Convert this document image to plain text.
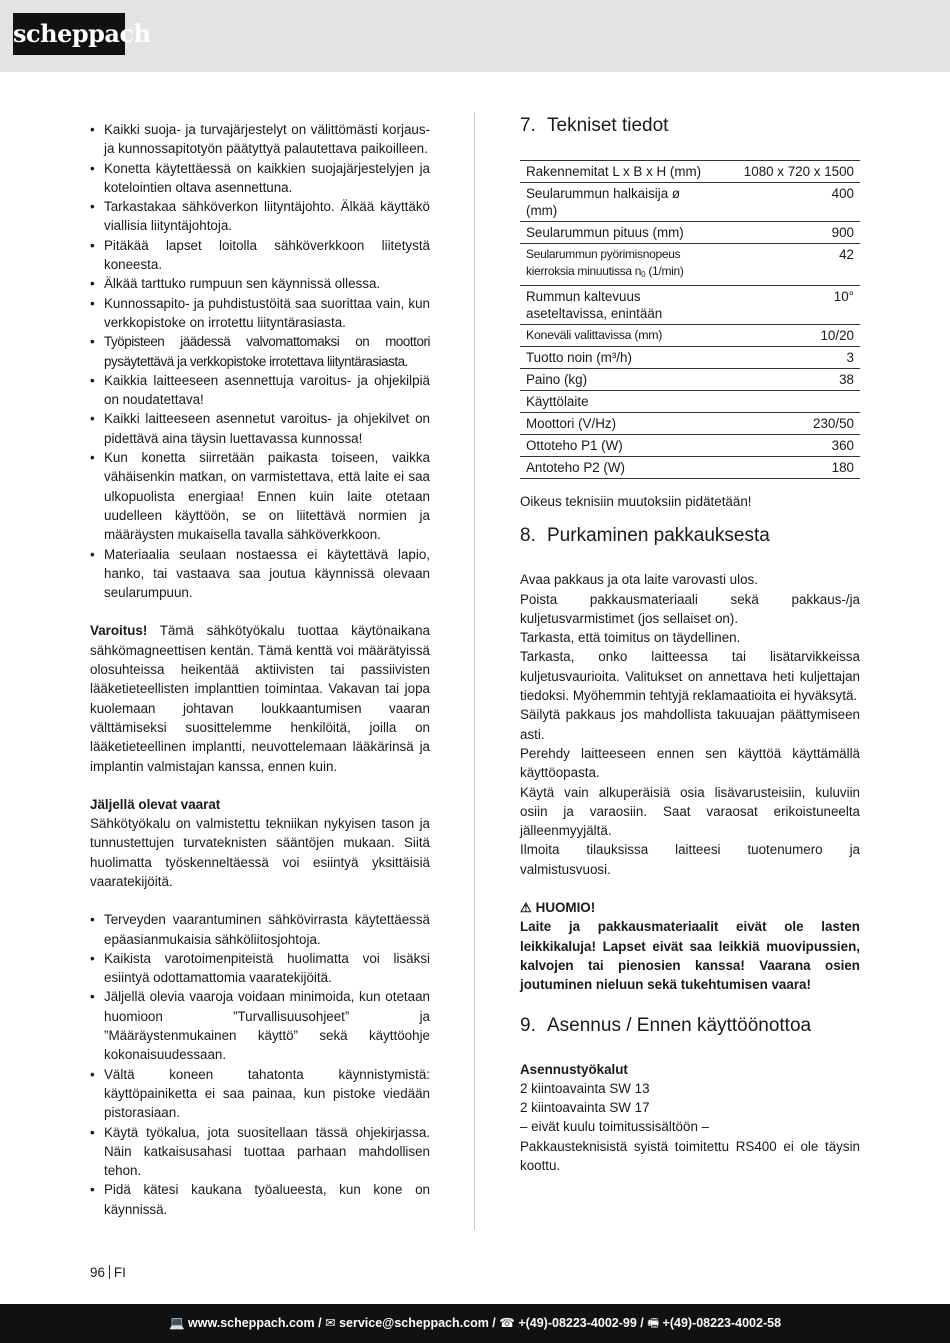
scheppach
• Kaikki suoja- ja turvajärjestelyt on välittömästi korjaus- ja kunnossapitotyön päätyttyä palautettava paikoilleen.
• Konetta käytettäessä on kaikkien suojajärjestelyjen ja kotelointien oltava asennettuna.
• Tarkastakaa sähköverkon liityntäjohto. Älkää käyttäkö viallisia liityntäjohtoja.
• Pitäkää lapset loitolla sähköverkkoon liitetystä koneesta.
• Älkää tarttuko rumpuun sen käynnissä ollessa.
• Kunnossapito- ja puhdistustöitä saa suorittaa vain, kun verkkopistoke on irrotettu liityntärasiasta.
• Työpisteen jäädessä valvomattomaksi on moottori pysäytettävä ja verkkopistoke irrotettava liityntärasiasta.
• Kaikkia laitteeseen asennettuja varoitus- ja ohjekilpiä on noudatettava!
• Kaikki laitteeseen asennetut varoitus- ja ohjekilvet on pidettävä aina täysin luettavassa kunnossa!
• Kun konetta siirretään paikasta toiseen, vaikka vähäisenkin matkan, on varmistettava, että laite ei saa ulkopuolista energiaa! Ennen kuin laite otetaan uudelleen käyttöön, se on liitettävä normien ja määräysten mukaisella tavalla sähköverkkoon.
• Materiaalia seulaan nostaessa ei käytettävä lapio, hanko, tai vastaava saa joutua käynnissä olevaan seularumpuun.

Varoitus! Tämä sähkötyökalu tuottaa käytönaikana sähkömagneettisen kentän. Tämä kenttä voi määrätyissä olosuhteissa heikentää aktiivisten tai passiivisten lääketieteellisten implanttien toimintaa. Vakavan tai jopa kuolemaan johtavan loukkaantumisen vaaran välttämiseksi suosittelemme henkilöitä, joilla on lääketieteellinen implantti, neuvottelemaan lääkärinsä ja implantin valmistajan kanssa, ennen kuin.

Jäljellä olevat vaarat

Sähkötyökalu on valmistettu tekniikan nykyisen tason ja tunnustettujen turvateknisten sääntöjen mukaan. Siitä huolimatta työskenneltäessä voi esiintyä yksittäisiä vaaratekijöitä.

• Terveyden vaarantuminen sähkövirrasta käytettäessä epäasianmukaisia sähköliitosjohtoja.
• Kaikista varotoimenpiteistä huolimatta voi lisäksi esiintyä odottamattomia vaaratekijöitä.
• Jäljellä olevia vaaroja voidaan minimoida, kun otetaan huomioon ”Turvallisuusohjeet” ja ”Määräystenmukainen käyttö” sekä käyttöohje kokonaisuudessaan.
• Vältä koneen tahatonta käynnistymistä: käyttöpainiketta ei saa painaa, kun pistoke viedään pistorasiaan.
• Käytä työkalua, jota suositellaan tässä ohjekirjassa. Näin katkaisusahasi tuottaa parhaan mahdollisen tehon.
• Pidä kätesi kaukana työalueesta, kun kone on käynnissä.
7. Tekniset tiedot
Rakennemitat L x B x H (mm)	1080 x 720 x 1500
Seularummun halkaisija ø (mm)	400
Seularummun pituus (mm)	900
Seularummun pyörimisnopeus kierroksia minuutissa $n_0$ (1/min)	42
Rummun kaltevuus aseteltavissa, enintään	10°
Koneväli valittavissa (mm)	10/20
Tuotto noin (m³/h)	3
Paino (kg)	38
Käyttölaite	
Moottori (V/Hz)	230/50
Ottoteho P1 (W)	360
Antoteho P2 (W)	180

Oikeus teknisiin muutoksiin pidätetään!

8. Purkaminen pakkauksesta

Avaa pakkaus ja ota laite varovasti ulos.

Poista pakkausmateriaali sekä pakkaus-/ja kuljetusvarmistimet (jos sellaiset on).

Tarkasta, että toimitus on täydellinen.

Tarkasta, onko laitteessa tai lisätarvikkeissa kuljetusvaurioita. Valitukset on annettava heti kuljettajan tiedoksi. Myöhemmin tehtyjä reklamaatioita ei hyväksytä.

Säilytä pakkaus jos mahdollista takuuajan päättymiseen asti.

Perehdy laitteeseen ennen sen käyttöä käyttämällä käyttöopasta.

Käytä vain alkuperäisiä osia lisävarusteisiin, kuluviin osiin ja varaosiin. Saat varaosat erikoistuneelta jälleenmyyjältä.

Ilmoita tilauksissa laitteesi tuotenumero ja valmistusvuosi.

⚠ HUOMIO!

Laite ja pakkausmateriaalit eivät ole lasten leikkikaluja! Lapset eivät saa leikkiä muovipussien, kalvojen tai pienosien kanssa! Vaarana osien joutuminen nieluun sekä tukehtumisen vaara!

9. Asennus / Ennen käyttöönottoa

Asennustyökalut

2 kiintoavainta SW 13

2 kiintoavainta SW 17

– eivät kuulu toimitussisältöön –

Pakkausteknisistä syistä toimitettu RS400 ei ole täysin koottu.

96 FI
💻 www.scheppach.com / ✉ service@scheppach.com / ☎ +(49)-08223-4002-99 / 🖷 +(49)-08223-4002-58
